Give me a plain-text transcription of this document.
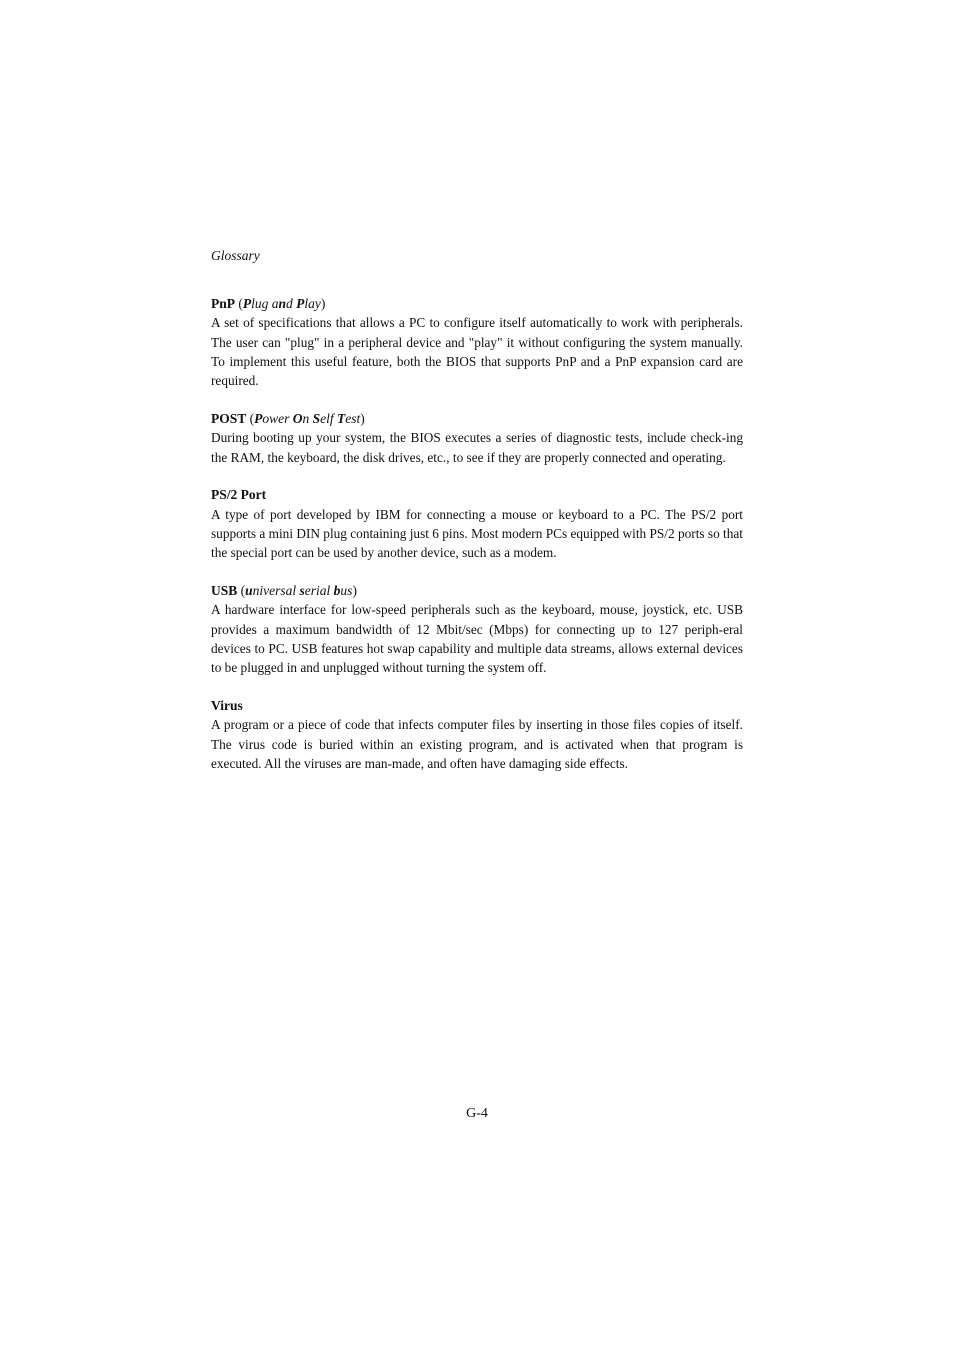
Glossary
PnP (Plug and Play)

A set of specifications that allows a PC to configure itself automatically to work with peripherals. The user can "plug" in a peripheral device and "play" it without configuring the system manually. To implement this useful feature, both the BIOS that supports PnP and a PnP expansion card are required.

POST (Power On Self Test)

During booting up your system, the BIOS executes a series of diagnostic tests, include check-ing the RAM, the keyboard, the disk drives, etc., to see if they are properly connected and operating.

PS/2 Port

A type of port developed by IBM for connecting a mouse or keyboard to a PC. The PS/2 port supports a mini DIN plug containing just 6 pins. Most modern PCs equipped with PS/2 ports so that the special port can be used by another device, such as a modem.

USB (universal serial bus)

A hardware interface for low-speed peripherals such as the keyboard, mouse, joystick, etc. USB provides a maximum bandwidth of 12 Mbit/sec (Mbps) for connecting up to 127 periph-eral devices to PC. USB features hot swap capability and multiple data streams, allows external devices to be plugged in and unplugged without turning the system off.

Virus

A program or a piece of code that infects computer files by inserting in those files copies of itself. The virus code is buried within an existing program, and is activated when that program is executed. All the viruses are man-made, and often have damaging side effects.

G-4
